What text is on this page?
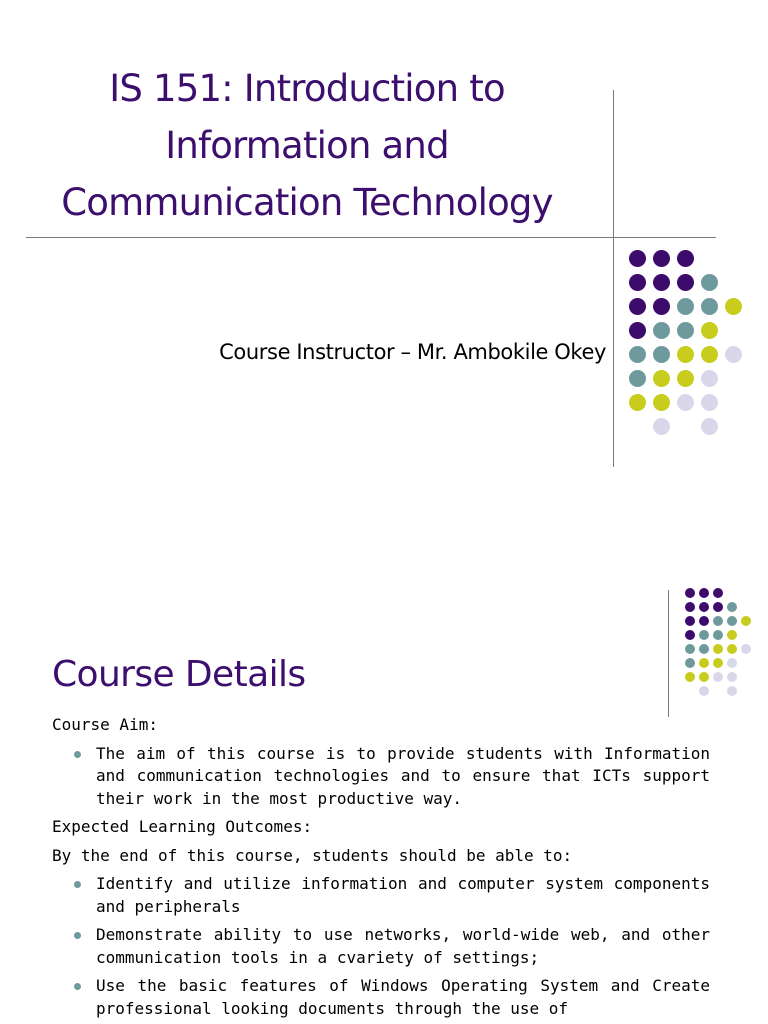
IS 151: Introduction to
Information and
Communication Technology
Course Instructor – Mr. Ambokile Okey
Course Details
Course Aim:
The aim of this course is to provide students with Information and communication technologies and to ensure that ICTs support their work in the most productive way.
Expected Learning Outcomes:
By the end of this course, students should be able to:
Identify and utilize information and computer system components and peripherals
Demonstrate ability to use networks, world-wide web, and other communication tools in a cvariety of settings;
Use the basic features of Windows Operating System and Create professional looking documents through the use of
